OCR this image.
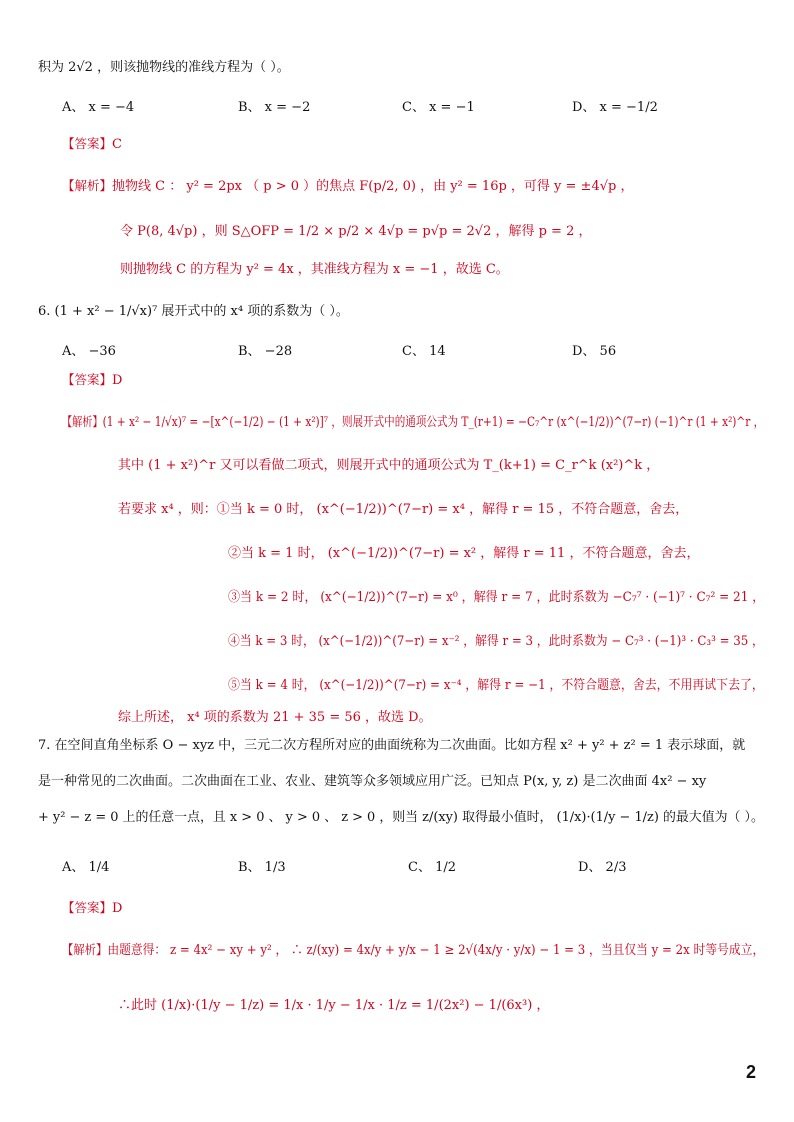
积为 2√2 ，则该抛物线的准线方程为（ ）。
A、 x = −4	B、 x = −2	C、 x = −1	D、 x = −1/2
【答案】C
【解析】抛物线 C ： y² = 2px （ p > 0 ）的焦点 F(p/2, 0) ，由 y² = 16p ，可得 y = ±4√p ，
令 P(8, 4√p) ，则 S△OFP = 1/2 × p/2 × 4√p = p√p = 2√2 ，解得 p = 2 ，
则抛物线 C 的方程为 y² = 4x ，其准线方程为 x = −1 ，故选 C。
6. (1 + x² − 1/√x)⁷ 展开式中的 x⁴ 项的系数为（ ）。
A、 −36	B、 −28	C、 14	D、 56
【答案】D
【解析】(1 + x² − 1/√x)⁷ = −[x^(−1/2) − (1 + x²)]⁷ ，则展开式中的通项公式为 T_(r+1) = −C₇^r (x^(−1/2))^(7−r) (−1)^r (1 + x²)^r ，
其中 (1 + x²)^r 又可以看做二项式，则展开式中的通项公式为 T_(k+1) = C_r^k (x²)^k ，
若要求 x⁴ ，则：①当 k = 0 时， (x^(−1/2))^(7−r) = x⁴ ，解得 r = 15 ，不符合题意，舍去，
②当 k = 1 时， (x^(−1/2))^(7−r) = x² ，解得 r = 11 ，不符合题意，舍去，
③当 k = 2 时， (x^(−1/2))^(7−r) = x⁰ ，解得 r = 7 ，此时系数为 −C₇⁷ · (−1)⁷ · C₇² = 21 ，
④当 k = 3 时， (x^(−1/2))^(7−r) = x⁻² ，解得 r = 3 ，此时系数为 − C₇³ · (−1)³ · C₃³ = 35 ，
⑤当 k = 4 时， (x^(−1/2))^(7−r) = x⁻⁴ ，解得 r = −1 ，不符合题意，舍去，不用再试下去了，
综上所述， x⁴ 项的系数为 21 + 35 = 56 ，故选 D。
7. 在空间直角坐标系 O − xyz 中，三元二次方程所对应的曲面统称为二次曲面。比如方程 x² + y² + z² = 1 表示球面，就
是一种常见的二次曲面。二次曲面在工业、农业、建筑等众多领域应用广泛。已知点 P(x, y, z) 是二次曲面 4x² − xy
+ y² − z = 0 上的任意一点，且 x > 0 、 y > 0 、 z > 0 ，则当 z/(xy) 取得最小值时， (1/x)·(1/y − 1/z) 的最大值为（ ）。
A、 1/4	B、 1/3	C、 1/2	D、 2/3
【答案】D
【解析】由题意得： z = 4x² − xy + y² ， ∴ z/(xy) = 4x/y + y/x − 1 ≥ 2√(4x/y · y/x) − 1 = 3 ，当且仅当 y = 2x 时等号成立，
∴此时 (1/x)·(1/y − 1/z) = 1/x · 1/y − 1/x · 1/z = 1/(2x²) − 1/(6x³) ，
2
